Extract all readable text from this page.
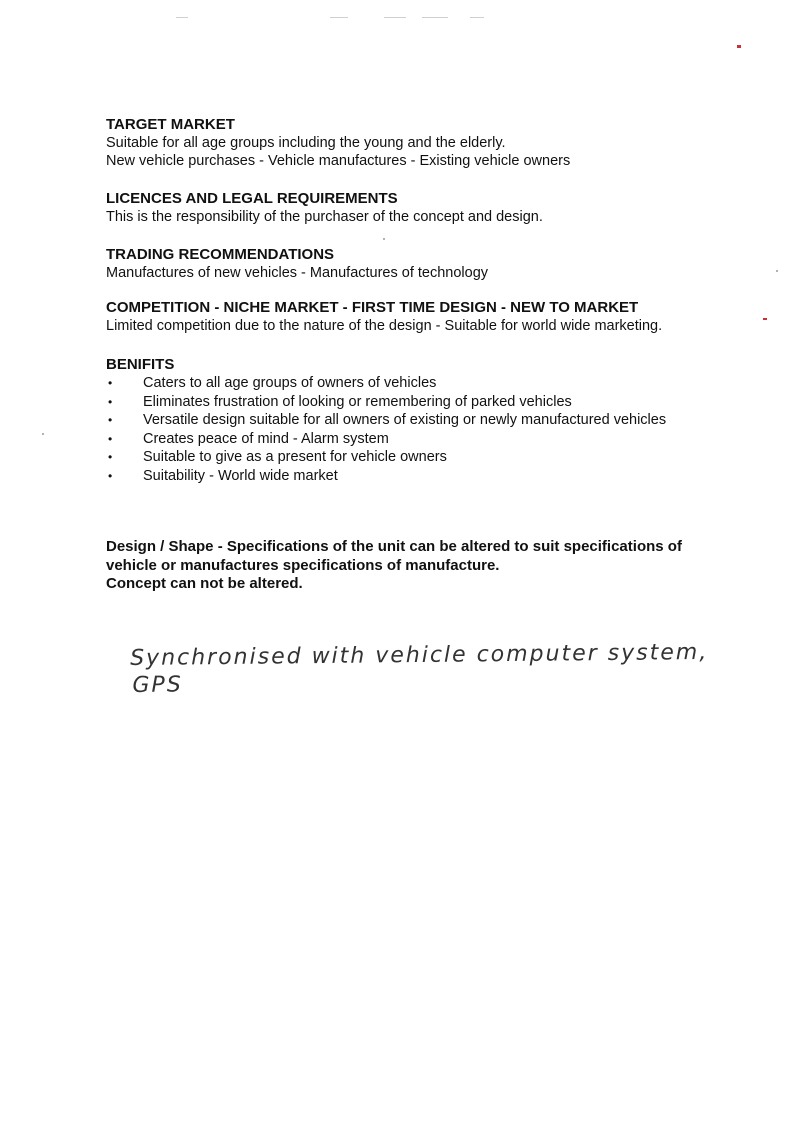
TARGET MARKET

Suitable for all age groups including the young and the elderly.

New vehicle purchases - Vehicle manufactures - Existing vehicle owners

LICENCES AND LEGAL REQUIREMENTS

This is the responsibility of the purchaser of the concept and design.

TRADING RECOMMENDATIONS

Manufactures of new vehicles - Manufactures of technology

COMPETITION - NICHE MARKET - FIRST TIME DESIGN - NEW TO MARKET

Limited competition due to the nature of the design - Suitable for world wide marketing.

BENIFITS

• Caters to all age groups of owners of vehicles
• Eliminates frustration of looking or remembering of parked vehicles
• Versatile design suitable for all owners of existing or newly manufactured vehicles
• Creates peace of mind - Alarm system
• Suitable to give as a present for vehicle owners
• Suitability - World wide market

Design / Shape - Specifications of the unit can be altered to suit specifications of

vehicle or manufactures specifications of manufacture.

Concept can not be altered.

Synchronised with vehicle computer system,
GPS
